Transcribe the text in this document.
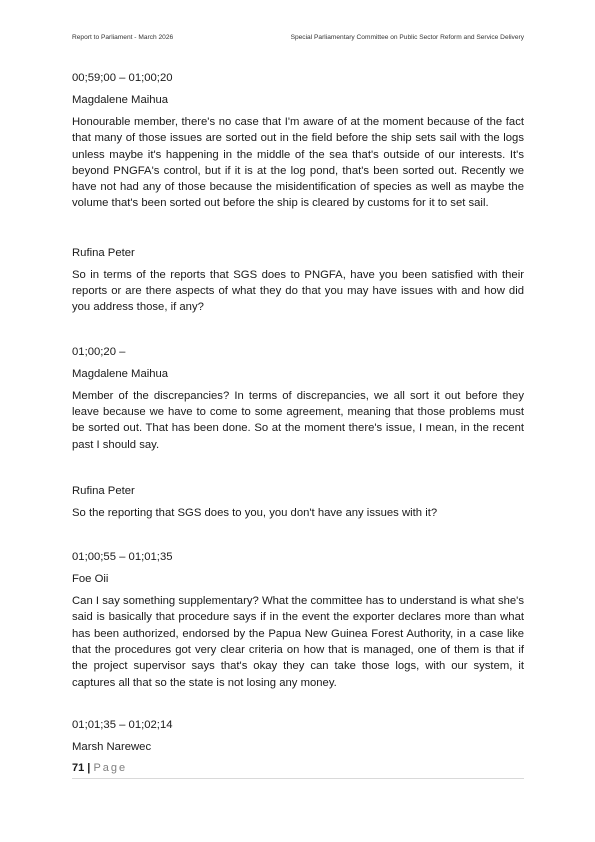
Report to Parliament - March 2026	Special Parliamentary Committee on Public Sector Reform and Service Delivery

00;59;00 – 01;00;20

Magdalene Maihua

Honourable member, there's no case that I'm aware of at the moment because of the fact that many of those issues are sorted out in the field before the ship sets sail with the logs unless maybe it's happening in the middle of the sea that's outside of our interests. It's beyond PNGFA's control, but if it is at the log pond, that's been sorted out. Recently we have not had any of those because the misidentification of species as well as maybe the volume that's been sorted out before the ship is cleared by customs for it to set sail.

Rufina Peter

So in terms of the reports that SGS does to PNGFA, have you been satisfied with their reports or are there aspects of what they do that you may have issues with and how did you address those, if any?

01;00;20 –

Magdalene Maihua

Member of the discrepancies? In terms of discrepancies, we all sort it out before they leave because we have to come to some agreement, meaning that those problems must be sorted out. That has been done. So at the moment there's issue, I mean, in the recent past I should say.

Rufina Peter

So the reporting that SGS does to you, you don't have any issues with it?

01;00;55 – 01;01;35

Foe Oii

Can I say something supplementary? What the committee has to understand is what she's said is basically that procedure says if in the event the exporter declares more than what has been authorized, endorsed by the Papua New Guinea Forest Authority, in a case like that the procedures got very clear criteria on how that is managed, one of them is that if the project supervisor says that's okay they can take those logs, with our system, it captures all that so the state is not losing any money.

01;01;35 – 01;02;14

Marsh Narewec

71 | Page
